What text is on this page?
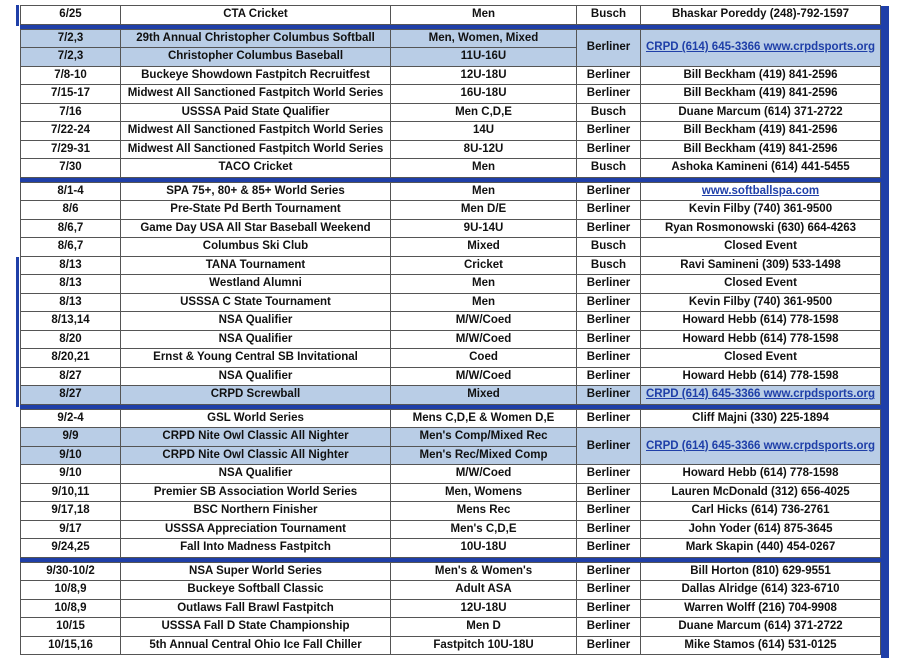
6/25	CTA Cricket	Men	Busch	Bhaskar Poreddy (248)-792-1597

7/2,3	29th Annual Christopher Columbus Softball	Men, Women, Mixed	Berliner	CRPD (614) 645-3366 www.crpdsports.org
7/2,3	Christopher Columbus Baseball	11U-16U		
7/8-10	Buckeye Showdown Fastpitch Recruitfest	12U-18U	Berliner	Bill Beckham (419) 841-2596
7/15-17	Midwest All Sanctioned Fastpitch World Series	16U-18U	Berliner	Bill Beckham (419) 841-2596
7/16	USSSA Paid State Qualifier	Men C,D,E	Busch	Duane Marcum (614) 371-2722
7/22-24	Midwest All Sanctioned Fastpitch World Series	14U	Berliner	Bill Beckham (419) 841-2596
7/29-31	Midwest All Sanctioned Fastpitch World Series	8U-12U	Berliner	Bill Beckham (419) 841-2596
7/30	TACO Cricket	Men	Busch	Ashoka Kamineni (614) 441-5455

8/1-4	SPA 75+, 80+ & 85+ World Series	Men	Berliner	www.softballspa.com
8/6	Pre-State Pd Berth Tournament	Men D/E	Berliner	Kevin Filby (740) 361-9500
8/6,7	Game Day USA All Star Baseball Weekend	9U-14U	Berliner	Ryan Rosmonowski (630) 664-4263
8/6,7	Columbus Ski Club	Mixed	Busch	Closed Event
8/13	TANA Tournament	Cricket	Busch	Ravi Samineni (309) 533-1498
8/13	Westland Alumni	Men	Berliner	Closed Event
8/13	USSSA C State Tournament	Men	Berliner	Kevin Filby (740) 361-9500
8/13,14	NSA Qualifier	M/W/Coed	Berliner	Howard Hebb (614) 778-1598
8/20	NSA Qualifier	M/W/Coed	Berliner	Howard Hebb (614) 778-1598
8/20,21	Ernst & Young Central SB Invitational	Coed	Berliner	Closed Event
8/27	NSA Qualifier	M/W/Coed	Berliner	Howard Hebb (614) 778-1598
8/27	CRPD Screwball	Mixed	Berliner	CRPD (614) 645-3366 www.crpdsports.org

9/2-4	GSL World Series	Mens C,D,E & Women D,E	Berliner	Cliff Majni (330) 225-1894
9/9	CRPD Nite Owl Classic All Nighter	Men's Comp/Mixed Rec	Berliner	CRPD (614) 645-3366 www.crpdsports.org
9/10	CRPD Nite Owl Classic All Nighter	Men's Rec/Mixed Comp		
9/10	NSA Qualifier	M/W/Coed	Berliner	Howard Hebb (614) 778-1598
9/10,11	Premier SB Association World Series	Men, Womens	Berliner	Lauren McDonald (312) 656-4025
9/17,18	BSC Northern Finisher	Mens Rec	Berliner	Carl Hicks (614) 736-2761
9/17	USSSA Appreciation Tournament	Men's C,D,E	Berliner	John Yoder (614) 875-3645
9/24,25	Fall Into Madness Fastpitch	10U-18U	Berliner	Mark Skapin (440) 454-0267

9/30-10/2	NSA Super World Series	Men's & Women's	Berliner	Bill Horton (810) 629-9551
10/8,9	Buckeye Softball Classic	Adult ASA	Berliner	Dallas Alridge (614) 323-6710
10/8,9	Outlaws Fall Brawl Fastpitch	12U-18U	Berliner	Warren Wolff (216) 704-9908
10/15	USSSA Fall D State Championship	Men D	Berliner	Duane Marcum (614) 371-2722
10/15,16	5th Annual Central Ohio Ice Fall Chiller	Fastpitch 10U-18U	Berliner	Mike Stamos (614) 531-0125
